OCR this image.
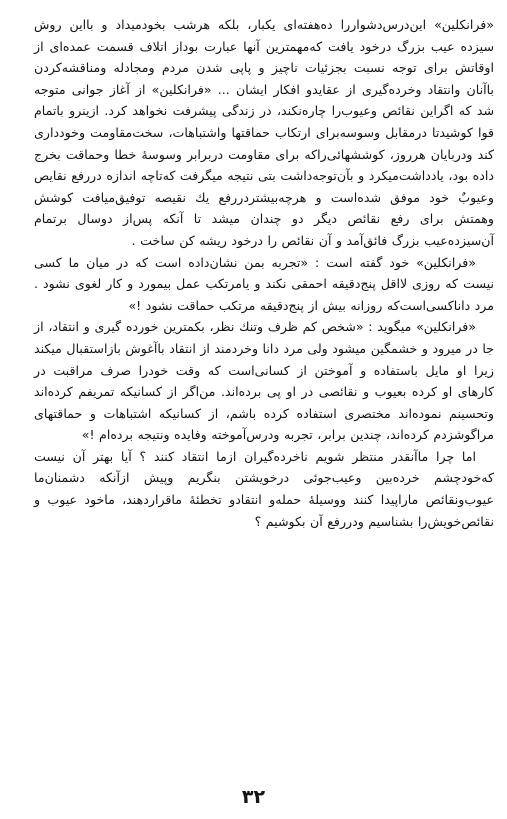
«فرانكلين» اين‌درس‌دشوار‌را ده‌هفته‌اى يكبار، بلكه هرشب بخودميداد و بااين روش سيزده عيب بزرگ درخود يافت كه‌مهمترين آنها عبارت بوداز اتلاف قسمت عمده‌اى از اوقاتش براى توجه نسبت بجزئيات ناچيز و پا‌پى شدن مردم ومجادله ومناقشه‌كردن باآنان وانتقاد وخرده‌گيرى از عقايدو افكار ايشان ... «فرانكلين» از آغاز جوانى متوجه شد كه اگراين نقائص وعيوب‌را چاره‌نكند، در زندگى پيشرفت نخواهد كرد. ازينرو باتمام قوا كوشيدتا درمقابل وسوسه‌براى ارتكاب حماقتها واشتباهات، سخت‌مقاومت وخودداری كند ودربايان هرروز، كوششهائى‌راكه براى مقاومت دربرابر وسوسهٔ خطا وحماقت بخرج داده بود، يادداشت‌ميكرد و بآن‌توجه‌داشت‌ بتى نتيجه ميگرفت كه‌تاچه اندازه دررفع نقايص وعيوبٌ خود موفق شده‌است و هرچه‌بيشتردررفع يك نقيصه توفيق‌ميافت كوشش وهمتش براى رفع نقائص ديگر دو چندان ميشد تا آنكه پس‌از دوسال برتمام آن‌سيزده‌عيب بزرگ فائق‌آمد و آن نقائص را درخود ريشه كن ساخت .

«فرانكلين» خود گفته است : «تجربه بمن نشان‌داده است كه در ميان ما كسى نيست كه روزى لااقل پنج‌دقيقه احمقى نكند و يامرتكب عمل بيمورد و كار لغوى نشود . مرد داناكسى‌است‌كه روزانه بيش از پنج‌دقيقه مرتكب حماقت نشود !»

«فرانكلين» ميگويد : «شخص كم ظرف وتنك نظر، بكمترين خورده گيرى و انتقاد، از جا در ميرود و خشمگين ميشود ولى مرد دانا وخردمند از انتقاد باآغوش بازاستقبال ميكند زيرا او مايل باستفاده و آموختن از كسانى‌است كه وقت خودرا صرف مراقبت در كارهاى او كرده بعيوب و نقائصى در او پى برده‌اند. من‌اگر از كسانيكه تمريفم كرده‌اند وتحسينم نموده‌اند مختصرى استفاده كرده باشم، از كسانيكه اشتباهات و حماقتهاى مراگوشزدم كرده‌اند، چندين برابر، تجربه ودرس‌آموخته وفايده ونتيجه برده‌ام !»

اما چرا ماآنقدر منتظر شويم ناخرده‌گيران ازما انتقاد كنند ؟ آيا بهتر آن نيست كه‌خودچشم خرده‌بين وعيب‌جوئى درخويشتن بنگريم وپيش ازآنكه دشمنان‌ما عيوب‌ونقائص مارا‌پيدا كنند ووسيلهٔ حمله‌و انتقادو تخطئهٔ ماقراردهند، ماخود عيوب و نقائص‌خويش‌را بشناسيم ودررفع آن بكوشيم ؟

۳۲
